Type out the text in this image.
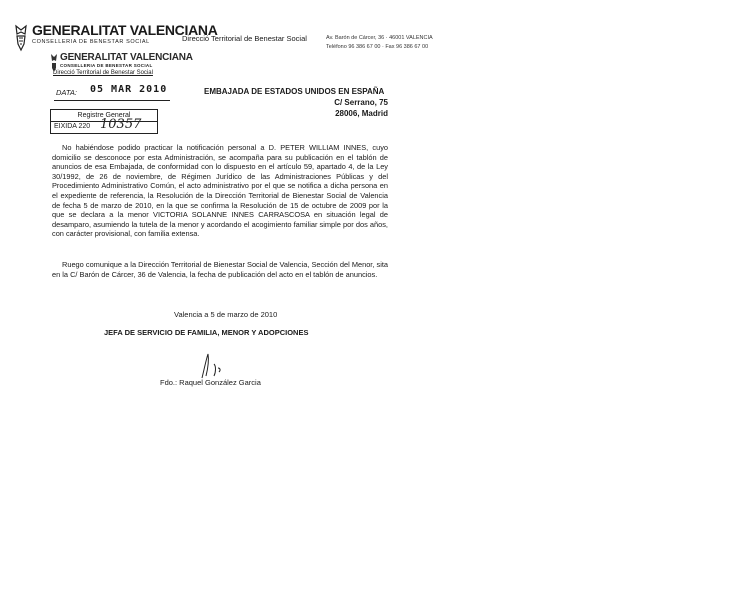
GENERALITAT VALENCIANA
CONSELLERIA DE BENESTAR SOCIAL	Direcció Territorial de Benestar Social	Av. Barón de Cárcer, 36 · 46001 VALENCIA
Teléfono 96 386 67 00 · Fax 96 386 67 00
GENERALITAT VALENCIANA
CONSELLERIA DE BENESTAR SOCIAL
Direcció Territorial de Benestar Social
DATA: 05 MAR 2010
Registre General
EIXIDA 220 10357
EMBAJADA DE ESTADOS UNIDOS EN ESPAÑA
C/ Serrano, 75
28006, Madrid
No habiéndose podido practicar la notificación personal a D. PETER WILLIAM INNES, cuyo domicilio se desconoce por esta Administración, se acompaña para su publicación en el tablón de anuncios de esa Embajada, de conformidad con lo dispuesto en el artículo 59, apartado 4, de la Ley 30/1992, de 26 de noviembre, de Régimen Jurídico de las Administraciones Públicas y del Procedimiento Administrativo Común, el acto administrativo por el que se notifica a dicha persona en el expediente de referencia, la Resolución de la Dirección Territorial de Bienestar Social de Valencia de fecha 5 de marzo de 2010, en la que se confirma la Resolución de 15 de octubre de 2009 por la que se declara a la menor VICTORIA SOLANNE INNES CARRASCOSA en situación legal de desamparo, asumiendo la tutela de la menor y acordando el acogimiento familiar simple por dos años, con carácter provisional, con familia extensa.
Ruego comunique a la Dirección Territorial de Bienestar Social de Valencia, Sección del Menor, sita en la C/ Barón de Cárcer, 36 de Valencia, la fecha de publicación del acto en el tablón de anuncios.
Valencia a 5 de marzo de 2010
JEFA DE SERVICIO DE FAMILIA, MENOR Y ADOPCIONES
Fdo.: Raquel González Garcia
